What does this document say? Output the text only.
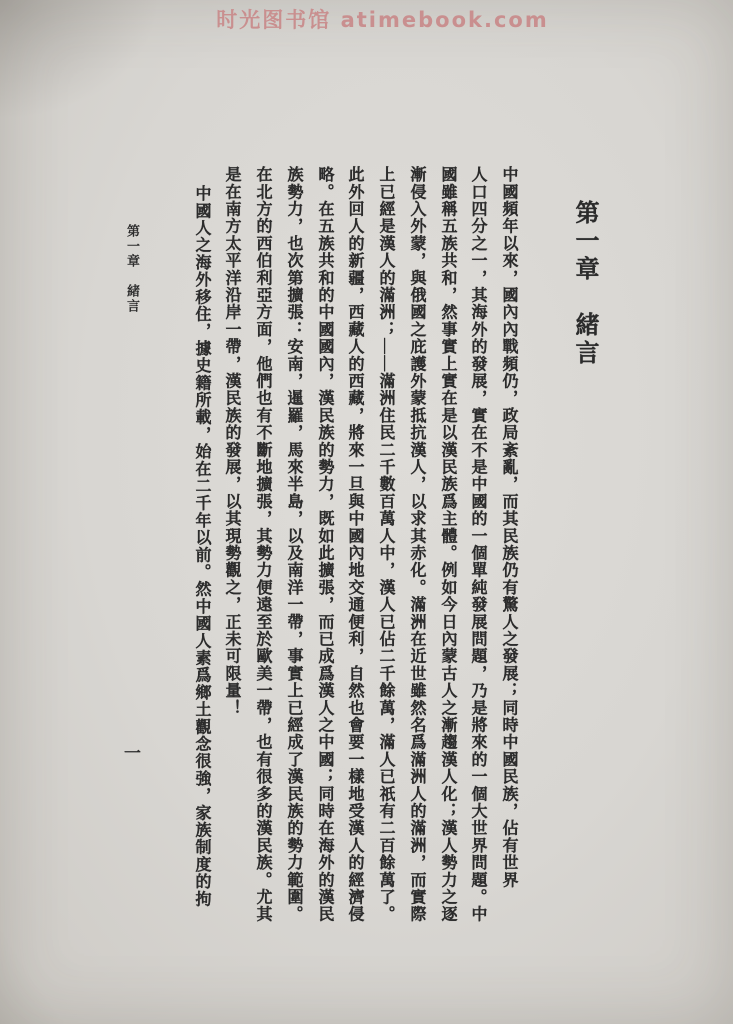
时光图书馆 atimebook.com
第一章　緒言
中國頻年以來，國內內戰頻仍，政局紊亂，而其民族仍有驚人之發展；同時中國民族，佔有世界
人口四分之一，其海外的發展，實在不是中國的一個單純發展問題，乃是將來的一個大世界問題。中
國雖稱五族共和，然事實上實在是以漢民族爲主體。例如今日內蒙古人之漸趨漢人化；漢人勢力之逐
漸侵入外蒙，與俄國之庇護外蒙抵抗漢人，以求其赤化。滿洲在近世雖然名爲滿洲人的滿洲，而實際
上已經是漢人的滿洲；——滿洲住民二千數百萬人中，漢人已佔二千餘萬，滿人已祇有二百餘萬了。
此外回人的新疆，西藏人的西藏，將來一旦與中國內地交通便利，自然也會要一樣地受漢人的經濟侵
略。在五族共和的中國國內，漢民族的勢力，既如此擴張，而已成爲漢人之中國；同時在海外的漢民
族勢力，也次第擴張：安南，暹羅，馬來半島，以及南洋一帶，事實上已經成了漢民族的勢力範圍。
在北方的西伯利亞方面，他們也有不斷地擴張，其勢力便遠至於歐美一帶，也有很多的漢民族。尤其
是在南方太平洋沿岸一帶，漢民族的發展，以其現勢觀之，正未可限量！
中國人之海外移住，據史籍所載，始在二千年以前。然中國人素爲鄉土觀念很強，家族制度的拘
第一章　緒言
一
